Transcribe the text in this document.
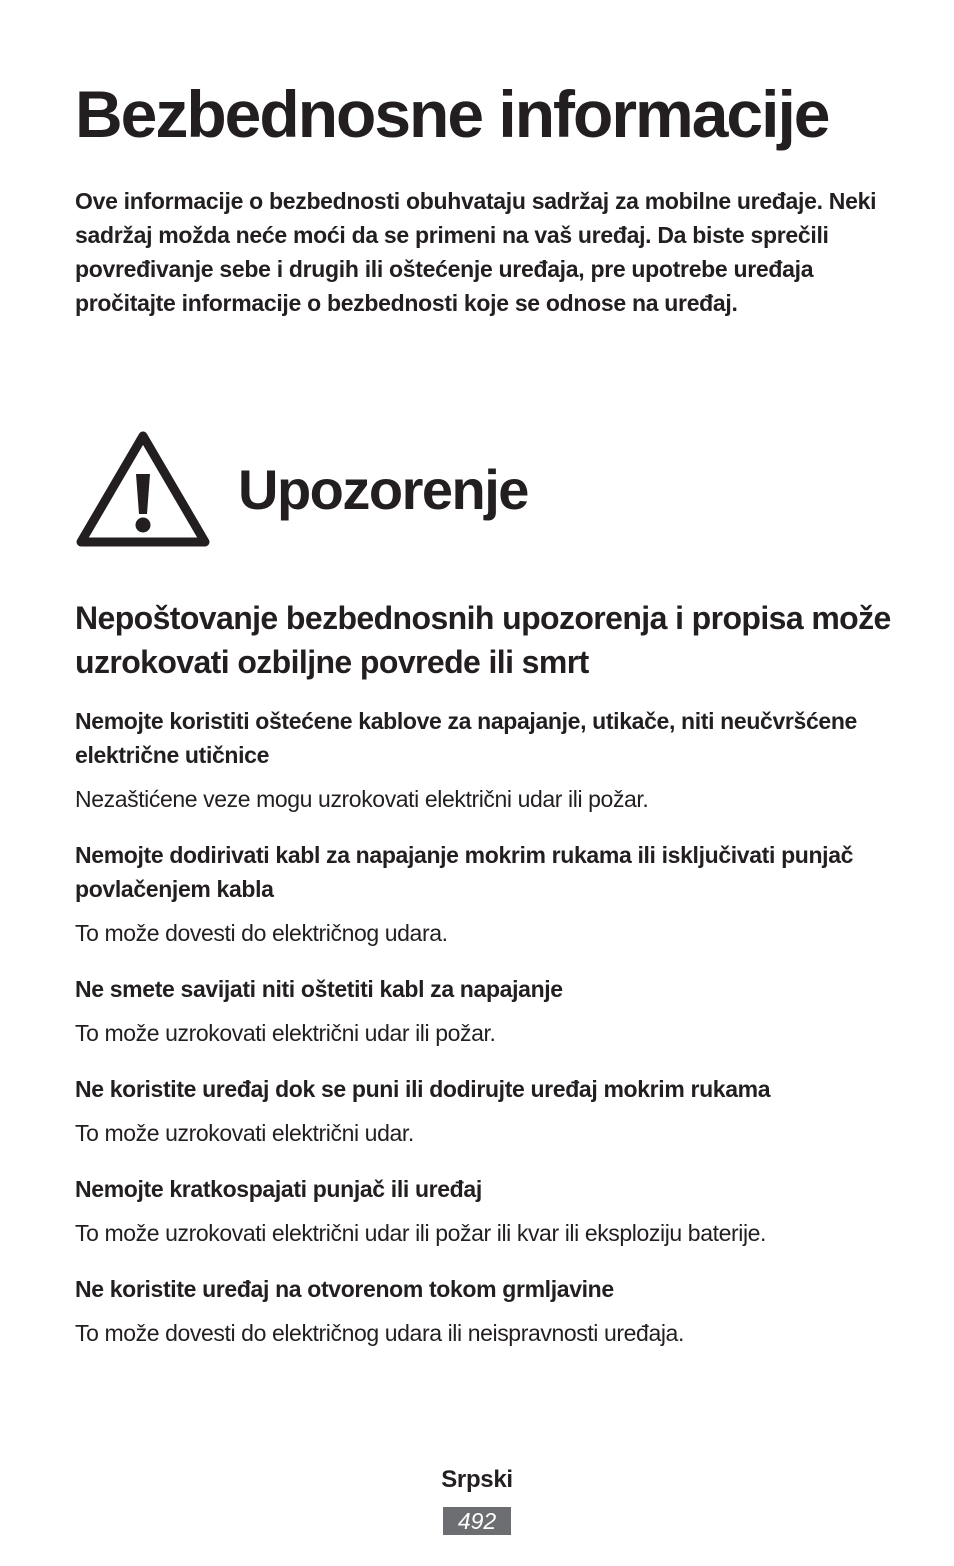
Bezbednosne informacije

Ove informacije o bezbednosti obuhvataju sadržaj za mobilne uređaje. Neki sadržaj možda neće moći da se primeni na vaš uređaj. Da biste sprečili povređivanje sebe i drugih ili oštećenje uređaja, pre upotrebe uređaja pročitajte informacije o bezbednosti koje se odnose na uređaj.

Upozorenje
Nepoštovanje bezbednosnih upozorenja i propisa može uzrokovati ozbiljne povrede ili smrt

Nemojte koristiti oštećene kablove za napajanje, utikače, niti neučvršćene električne utičnice

Nezaštićene veze mogu uzrokovati električni udar ili požar.

Nemojte dodirivati kabl za napajanje mokrim rukama ili isključivati punjač povlačenjem kabla

To može dovesti do električnog udara.

Ne smete savijati niti oštetiti kabl za napajanje

To može uzrokovati električni udar ili požar.

Ne koristite uređaj dok se puni ili dodirujte uređaj mokrim rukama

To može uzrokovati električni udar.

Nemojte kratkospajati punjač ili uređaj

To može uzrokovati električni udar ili požar ili kvar ili eksploziju baterije.

Ne koristite uređaj na otvorenom tokom grmljavine

To može dovesti do električnog udara ili neispravnosti uređaja.

Srpski
492
